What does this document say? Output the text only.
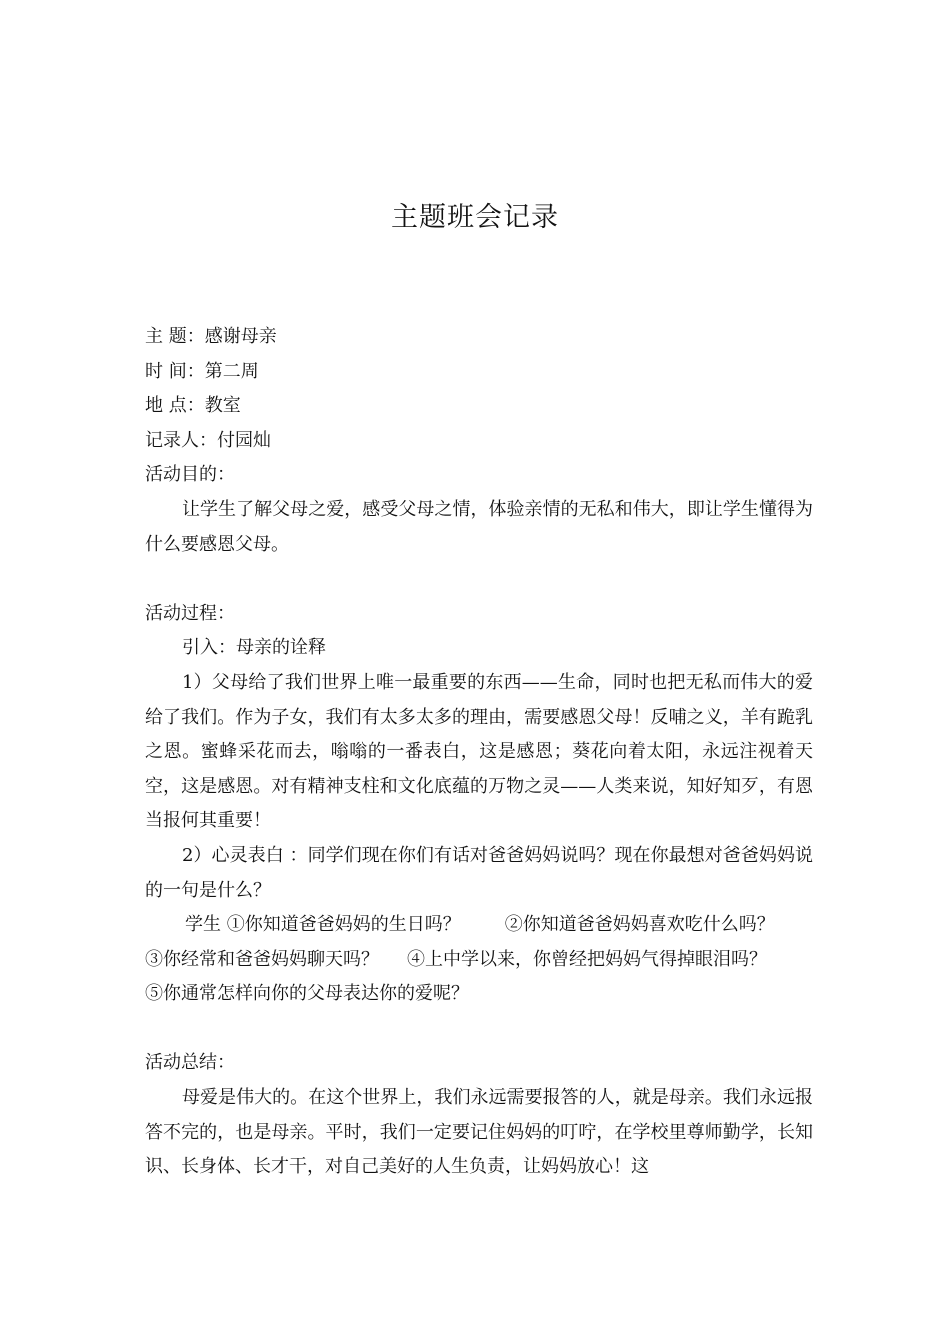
主题班会记录
主 题：感谢母亲
时 间：第二周
地 点：教室
记录人：付园灿
活动目的：
让学生了解父母之爱，感受父母之情，体验亲情的无私和伟大，即让学生懂得为什么要感恩父母。
活动过程：
引入：母亲的诠释
1）父母给了我们世界上唯一最重要的东西——生命，同时也把无私而伟大的爱给了我们。作为子女，我们有太多太多的理由，需要感恩父母！反哺之义，羊有跪乳之恩。蜜蜂采花而去，嗡嗡的一番表白，这是感恩；葵花向着太阳，永远注视着天空，这是感恩。对有精神支柱和文化底蕴的万物之灵——人类来说，知好知歹，有恩当报何其重要！
2）心灵表白 ：同学们现在你们有话对爸爸妈妈说吗？现在你最想对爸爸妈妈说的一句是什么？
学生 ①你知道爸爸妈妈的生日吗？ ②你知道爸爸妈妈喜欢吃什么吗？
③你经常和爸爸妈妈聊天吗？ ④上中学以来，你曾经把妈妈气得掉眼泪吗？
⑤你通常怎样向你的父母表达你的爱呢？
活动总结：
母爱是伟大的。在这个世界上，我们永远需要报答的人，就是母亲。我们永远报答不完的，也是母亲。平时，我们一定要记住妈妈的叮咛，在学校里尊师勤学，长知识、长身体、长才干，对自己美好的人生负责，让妈妈放心！这
